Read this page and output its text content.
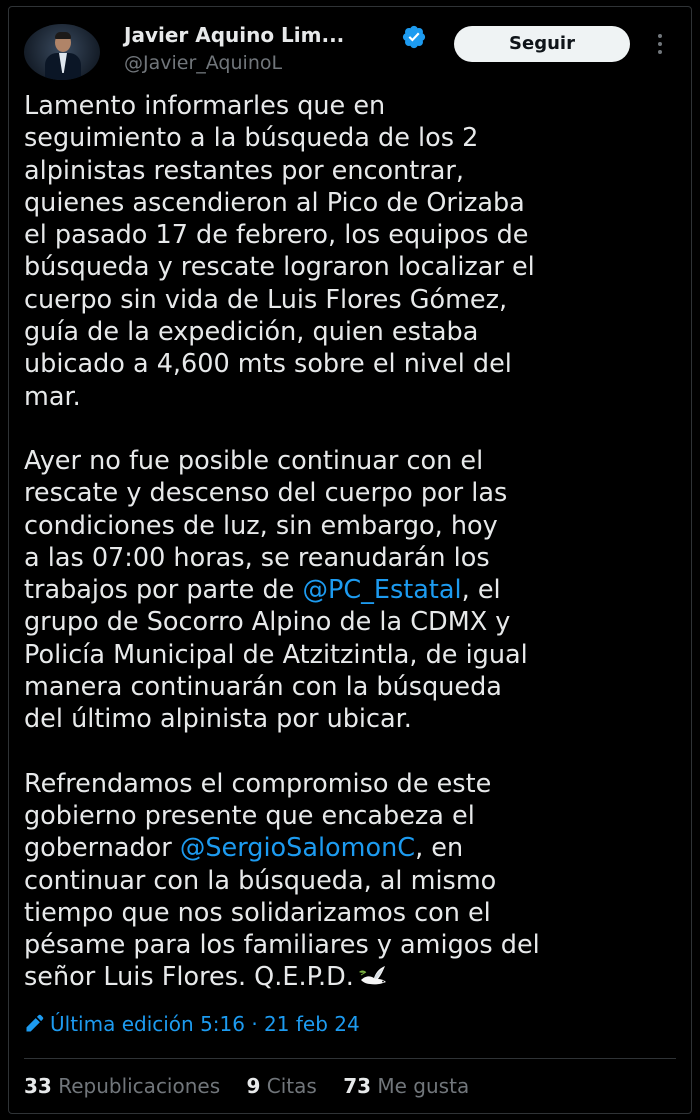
Javier Aquino Lim...
@Javier_AquinoL
Seguir

Lamento informarles que en
seguimiento a la búsqueda de los 2
alpinistas restantes por encontrar,
quienes ascendieron al Pico de Orizaba
el pasado 17 de febrero, los equipos de
búsqueda y rescate lograron localizar el
cuerpo sin vida de Luis Flores Gómez,
guía de la expedición, quien estaba
ubicado a 4,600 mts sobre el nivel del
mar.

Ayer no fue posible continuar con el
rescate y descenso del cuerpo por las
condiciones de luz, sin embargo, hoy
a las 07:00 horas, se reanudarán los
trabajos por parte de @PC_Estatal, el
grupo de Socorro Alpino de la CDMX y
Policía Municipal de Atzitzintla, de igual
manera continuarán con la búsqueda
del último alpinista por ubicar.

Refrendamos el compromiso de este
gobierno presente que encabeza el
gobernador @SergioSalomonC, en
continuar con la búsqueda, al mismo
tiempo que nos solidarizamos con el
pésame para los familiares y amigos del
señor Luis Flores. Q.E.P.D.

Última edición 5:16 · 21 feb 24
33 Republicaciones 9 Citas 73 Me gusta
